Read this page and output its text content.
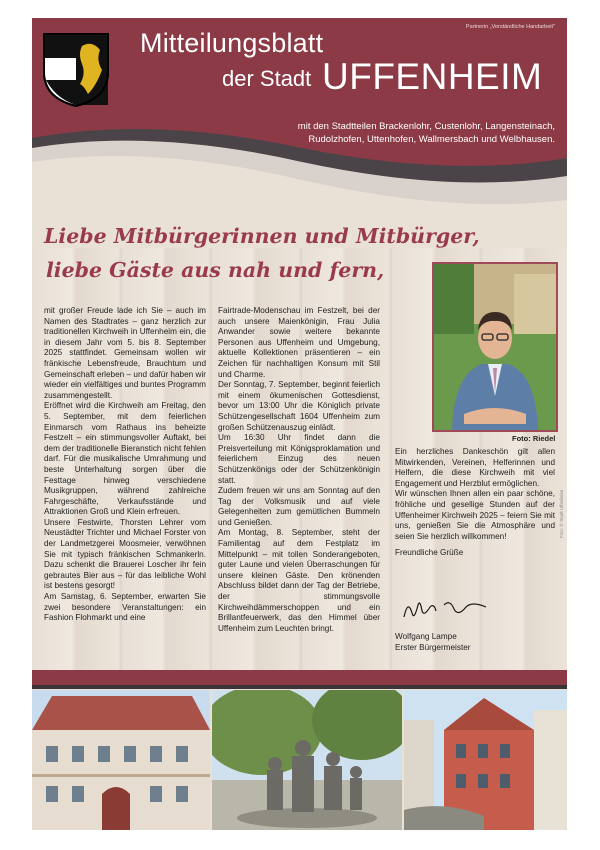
Partnerin „Verständliche Handarbeit"
Mitteilungsblatt
der Stadt UFFENHEIM
mit den Stadtteilen Brackenlohr, Custenlohr, Langensteinach,
Rudolzhofen, Uttenhofen, Wallmersbach und Welbhausen.
Liebe Mitbürgerinnen und Mitbürger,
liebe Gäste aus nah und fern,

mit großer Freude lade ich Sie – auch im Namen des Stadtrates – ganz herzlich zur traditionellen Kirchweih in Uffenheim ein, die in diesem Jahr vom 5. bis 8. September 2025 stattfindet. Gemeinsam wollen wir fränkische Lebensfreude, Brauchtum und Gemeinschaft erleben – und dafür haben wir wieder ein vielfältiges und buntes Programm zusammengestellt.

Eröffnet wird die Kirchweih am Freitag, den 5. September, mit dem feierlichen Einmarsch vom Rathaus ins beheizte Festzelt – ein stimmungsvoller Auftakt, bei dem der traditionelle Bieranstich nicht fehlen darf. Für die musikalische Umrahmung und beste Unterhaltung sorgen über die Festtage hinweg verschiedene Musikgruppen, während zahlreiche Fahrgeschäfte, Verkaufsstände und Attraktionen Groß und Klein erfreuen.

Unsere Festwirte, Thorsten Lehrer vom Neustädter Trichter und Michael Forster von der Landmetzgerei Moosmeier, verwöhnen Sie mit typisch fränkischen Schmankerln. Dazu schenkt die Brauerei Loscher ihr fein gebrautes Bier aus – für das leibliche Wohl ist bestens gesorgt!

Am Samstag, 6. September, erwarten Sie zwei besondere Veranstaltungen: ein Fashion Flohmarkt und eine

Fairtrade-Modenschau im Festzelt, bei der auch unsere Maienkönigin, Frau Julia Anwander sowie weitere bekannte Personen aus Uffenheim und Umgebung, aktuelle Kollektionen präsentieren – ein Zeichen für nachhaltigen Konsum mit Stil und Charme.

Der Sonntag, 7. September, beginnt feierlich mit einem ökumenischen Gottesdienst, bevor um 13:00 Uhr die Königlich private Schützengesellschaft 1604 Uffenheim zum großen Schützenauszug einlädt.

Um 16:30 Uhr findet dann die Preisverteilung mit Königsproklamation und feierlichem Einzug des neuen Schützenkönigs oder der Schützenkönigin statt.

Zudem freuen wir uns am Sonntag auf den Tag der Volksmusik und auf viele Gelegenheiten zum gemütlichen Bummeln und Genießen.

Am Montag, 8. September, steht der Familientag auf dem Festplatz im Mittelpunkt – mit tollen Sonderangeboten, guter Laune und vielen Überraschungen für unsere kleinen Gäste. Den krönenden Abschluss bildet dann der Tag der Betriebe, der stimmungsvolle Kirchweihdämmerschoppen und ein Brillantfeuerwerk, das den Himmel über Uffenheim zum Leuchten bringt.

Foto: Riedel

Ein herzliches Dankeschön gilt allen Mitwirkenden, Vereinen, Helferinnen und Helfern, die diese Kirchweih mit viel Engagement und Herzblut ermöglichen.

Wir wünschen Ihnen allen ein paar schöne, fröhliche und gesellige Stunden auf der Uffenheimer Kirchweih 2025 – feiern Sie mit uns, genießen Sie die Atmosphäre und seien Sie herzlich willkommen!

Freundliche Grüße

Wolfgang Lampe
Erster Bürgermeister
Foto: © Stadt Uffenheim
